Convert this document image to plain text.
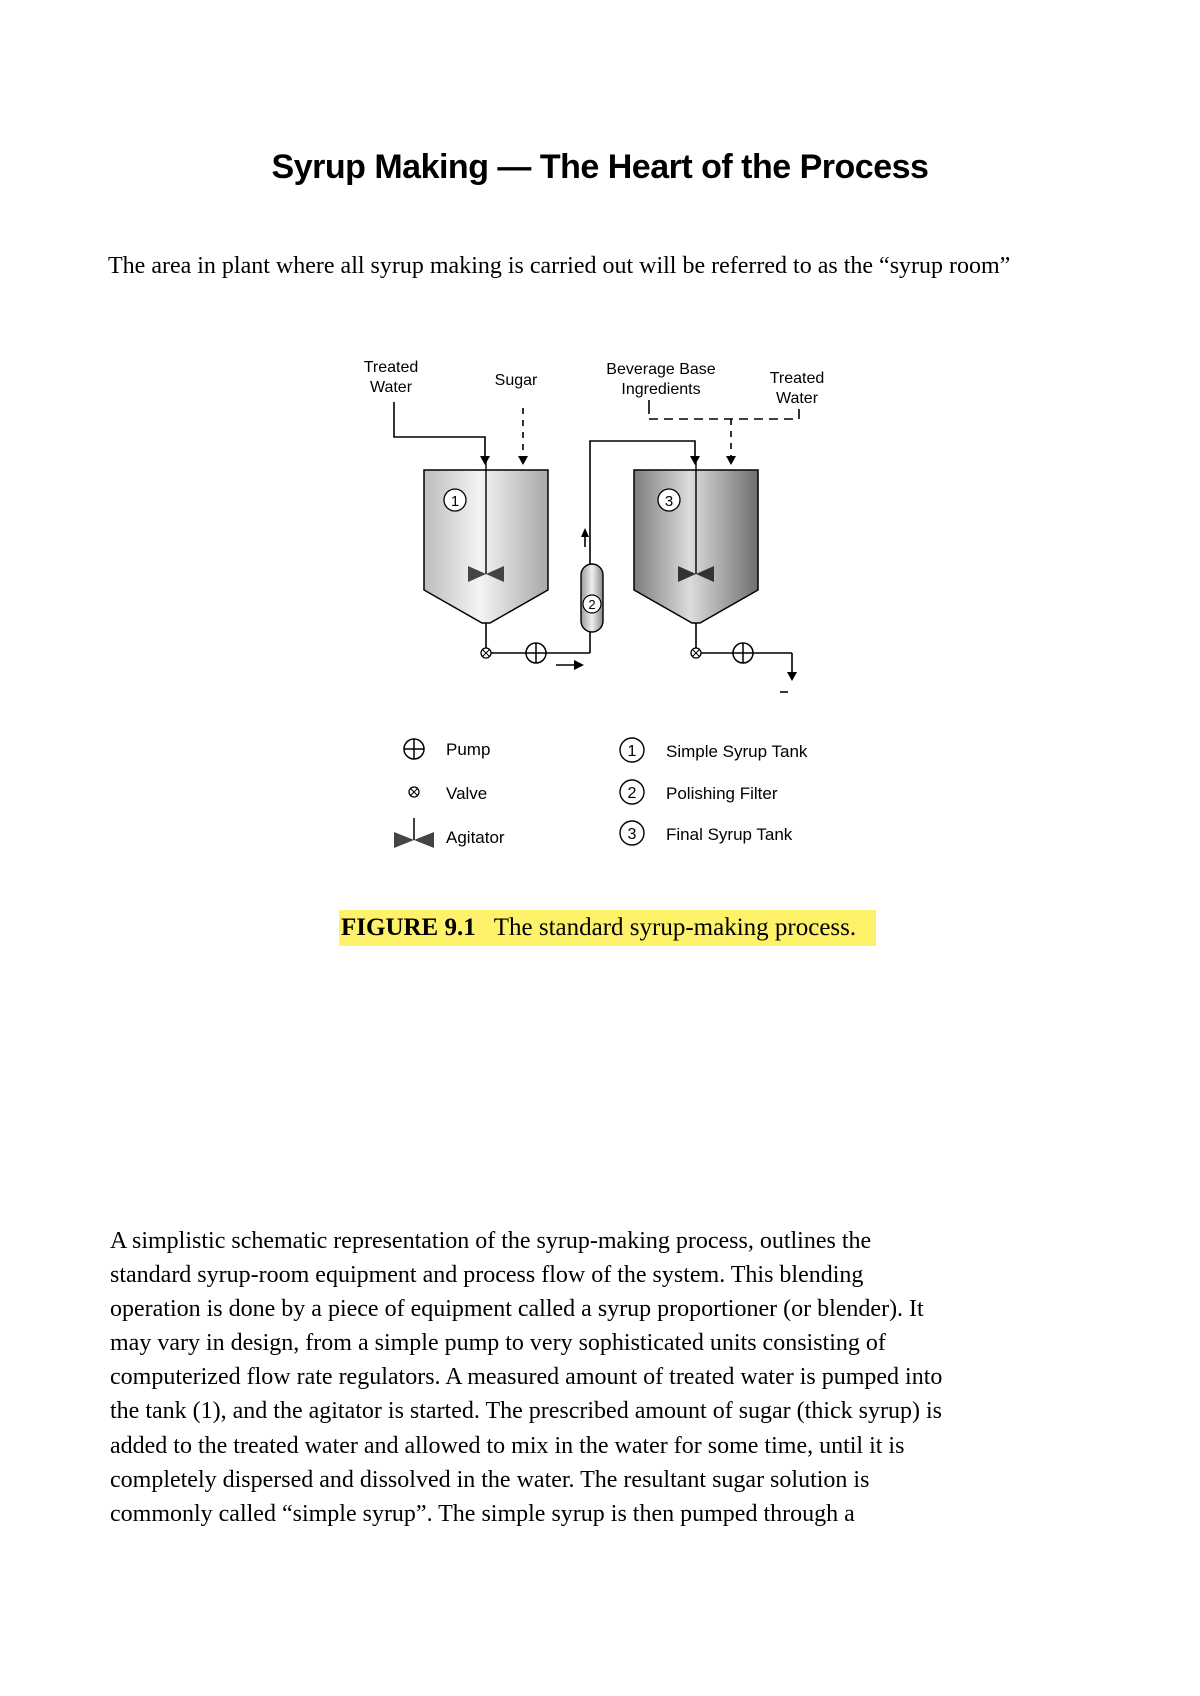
Syrup Making — The Heart of the Process
The area in plant where all syrup making is carried out will be referred to as the “syrup room”
Treated
Water	Sugar
Beverage Base
Ingredients
Treated
Water
1	3
2
Pump
Valve
Agitator
1 Simple Syrup Tank
2 Polishing Filter
3 Final Syrup Tank
FIGURE 9.1 The standard syrup-making process.

A simplistic schematic representation of the syrup-making process, outlines the

standard syrup-room equipment and process flow of the system. This blending

operation is done by a piece of equipment called a syrup proportioner (or blender). It

may vary in design, from a simple pump to very sophisticated units consisting of

computerized flow rate regulators. A measured amount of treated water is pumped into

the tank (1), and the agitator is started. The prescribed amount of sugar (thick syrup) is

added to the treated water and allowed to mix in the water for some time, until it is

completely dispersed and dissolved in the water. The resultant sugar solution is

commonly called “simple syrup”. The simple syrup is then pumped through a
